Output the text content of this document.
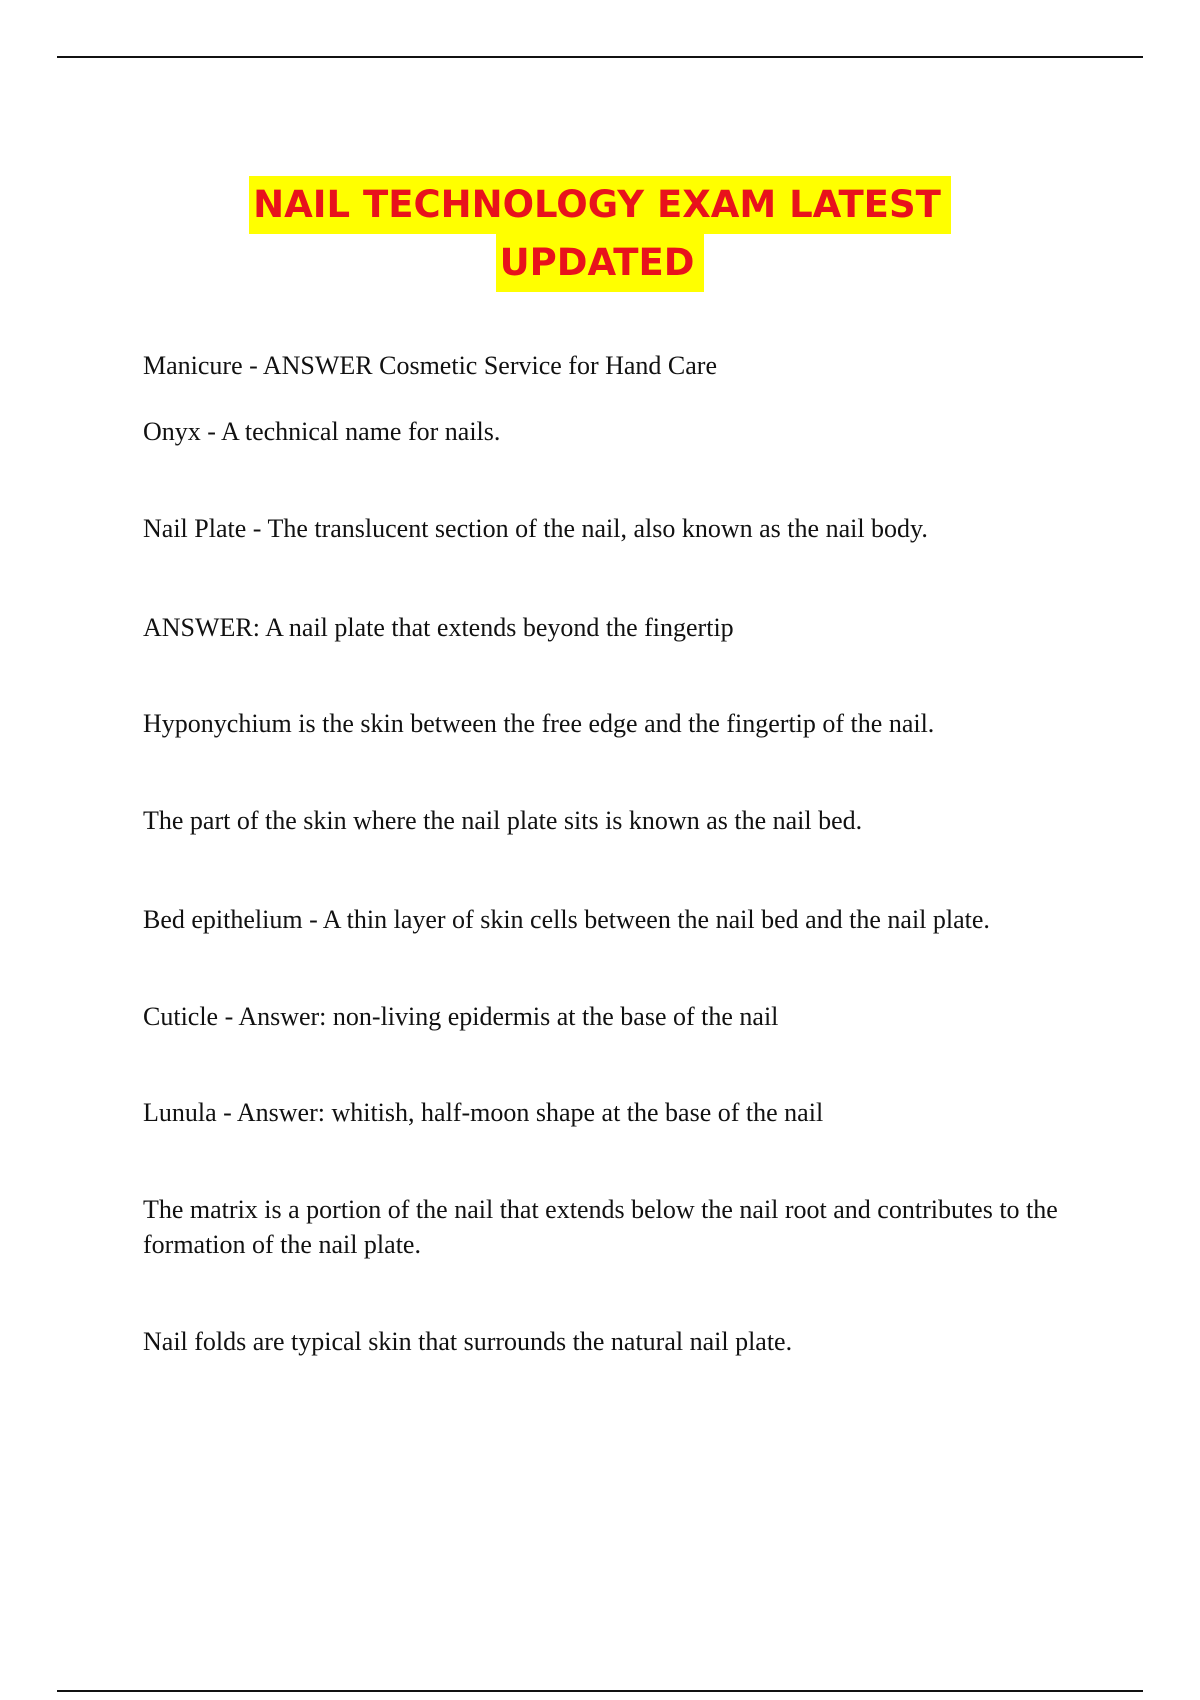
NAIL TECHNOLOGY EXAM LATEST
UPDATED
Manicure - ANSWER Cosmetic Service for Hand Care
Onyx - A technical name for nails.
Nail Plate - The translucent section of the nail, also known as the nail body.
ANSWER: A nail plate that extends beyond the fingertip
Hyponychium is the skin between the free edge and the fingertip of the nail.
The part of the skin where the nail plate sits is known as the nail bed.
Bed epithelium - A thin layer of skin cells between the nail bed and the nail plate.
Cuticle - Answer: non-living epidermis at the base of the nail
Lunula - Answer: whitish, half-moon shape at the base of the nail
The matrix is a portion of the nail that extends below the nail root and contributes to the formation of the nail plate.
Nail folds are typical skin that surrounds the natural nail plate.
